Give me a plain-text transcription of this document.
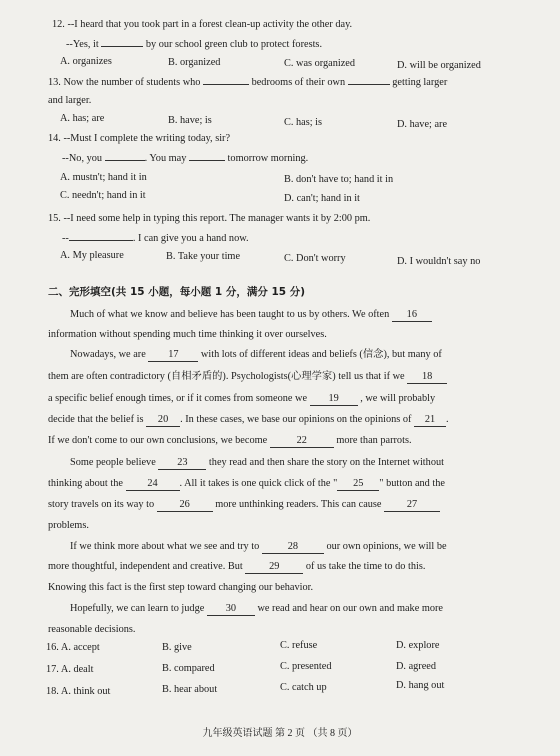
12. --I heard that you took part in a forest clean-up activity the other day.
--Yes, it	by our school green club to protect forests.
A. organizes	B. organized	C. was organized	D. will be organized
13. Now the number of students who	bedrooms of their own	getting larger
and larger.
A. has; are	B. have; is	C. has; is	D. have; are
14. --Must I complete the writing today, sir?
--No, you	. You may	tomorrow morning.
A. mustn't; hand it in	B. don't have to; hand it in
C. needn't; hand in it	D. can't; hand in it
15. --I need some help in typing this report. The manager wants it by 2:00 pm.
--	. I can give you a hand now.
A. My pleasure	B. Take your time	C. Don't worry	D. I wouldn't say no
二、完形填空(共 15 小题，每小题 1 分，满分 15 分)
Much of what we know and believe has been taught to us by others. We often 16
information without spending much time thinking it over ourselves.
Nowadays, we are 17 with lots of different ideas and beliefs (信念), but many of
them are often contradictory (自相矛盾的). Psychologists(心理学家) tell us that if we 18
a specific belief enough times, or if it comes from someone we 19 , we will probably
decide that the belief is 20 . In these cases, we base our opinions on the opinions of 21 .
If we don't come to our own conclusions, we become	22	more than parrots.
Some people believe 23 they read and then share the story on the Internet without
thinking about the 24 . All it takes is one quick click of the " 25 " button and the
story travels on its way to 26 more unthinking readers. This can cause 27
problems.
If we think more about what we see and try to	28	our own opinions, we will be
more thoughtful, independent and creative. But 29 of us take the time to do this.
Knowing this fact is the first step toward changing our behavior.
Hopefully, we can learn to judge 30 we read and hear on our own and make more
reasonable decisions.
16. A. accept	B. give	C. refuse	D. explore
17. A. dealt	B. compared	C. presented	D. agreed
18. A. think out	B. hear about	C. catch up	D. hang out
九年级英语试题 第 2 页 （共 8 页）
